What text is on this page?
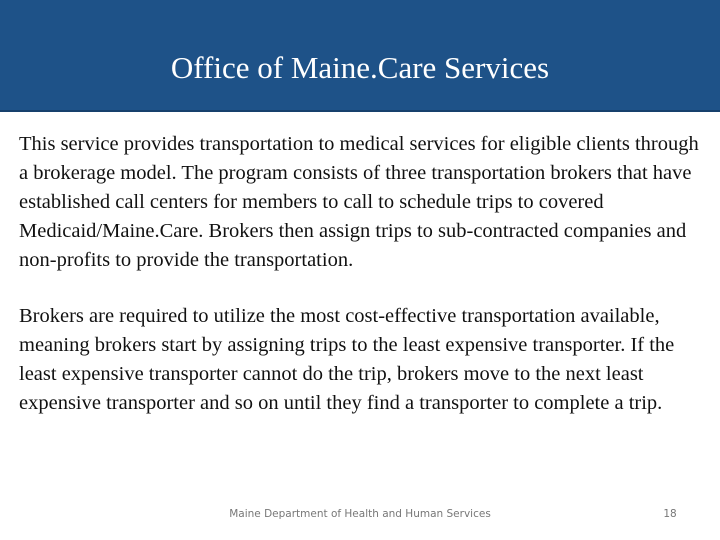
Office of Maine.Care Services

This service provides transportation to medical services for eligible clients through a brokerage model. The program consists of three transportation brokers that have established call centers for members to call to schedule trips to covered Medicaid/Maine.Care. Brokers then assign trips to sub-contracted companies and non-profits to provide the transportation.

Brokers are required to utilize the most cost-effective transportation available, meaning brokers start by assigning trips to the least expensive transporter. If the least expensive transporter cannot do the trip, brokers move to the next least expensive transporter and so on until they find a transporter to complete a trip.

Maine Department of Health and Human Services	18
